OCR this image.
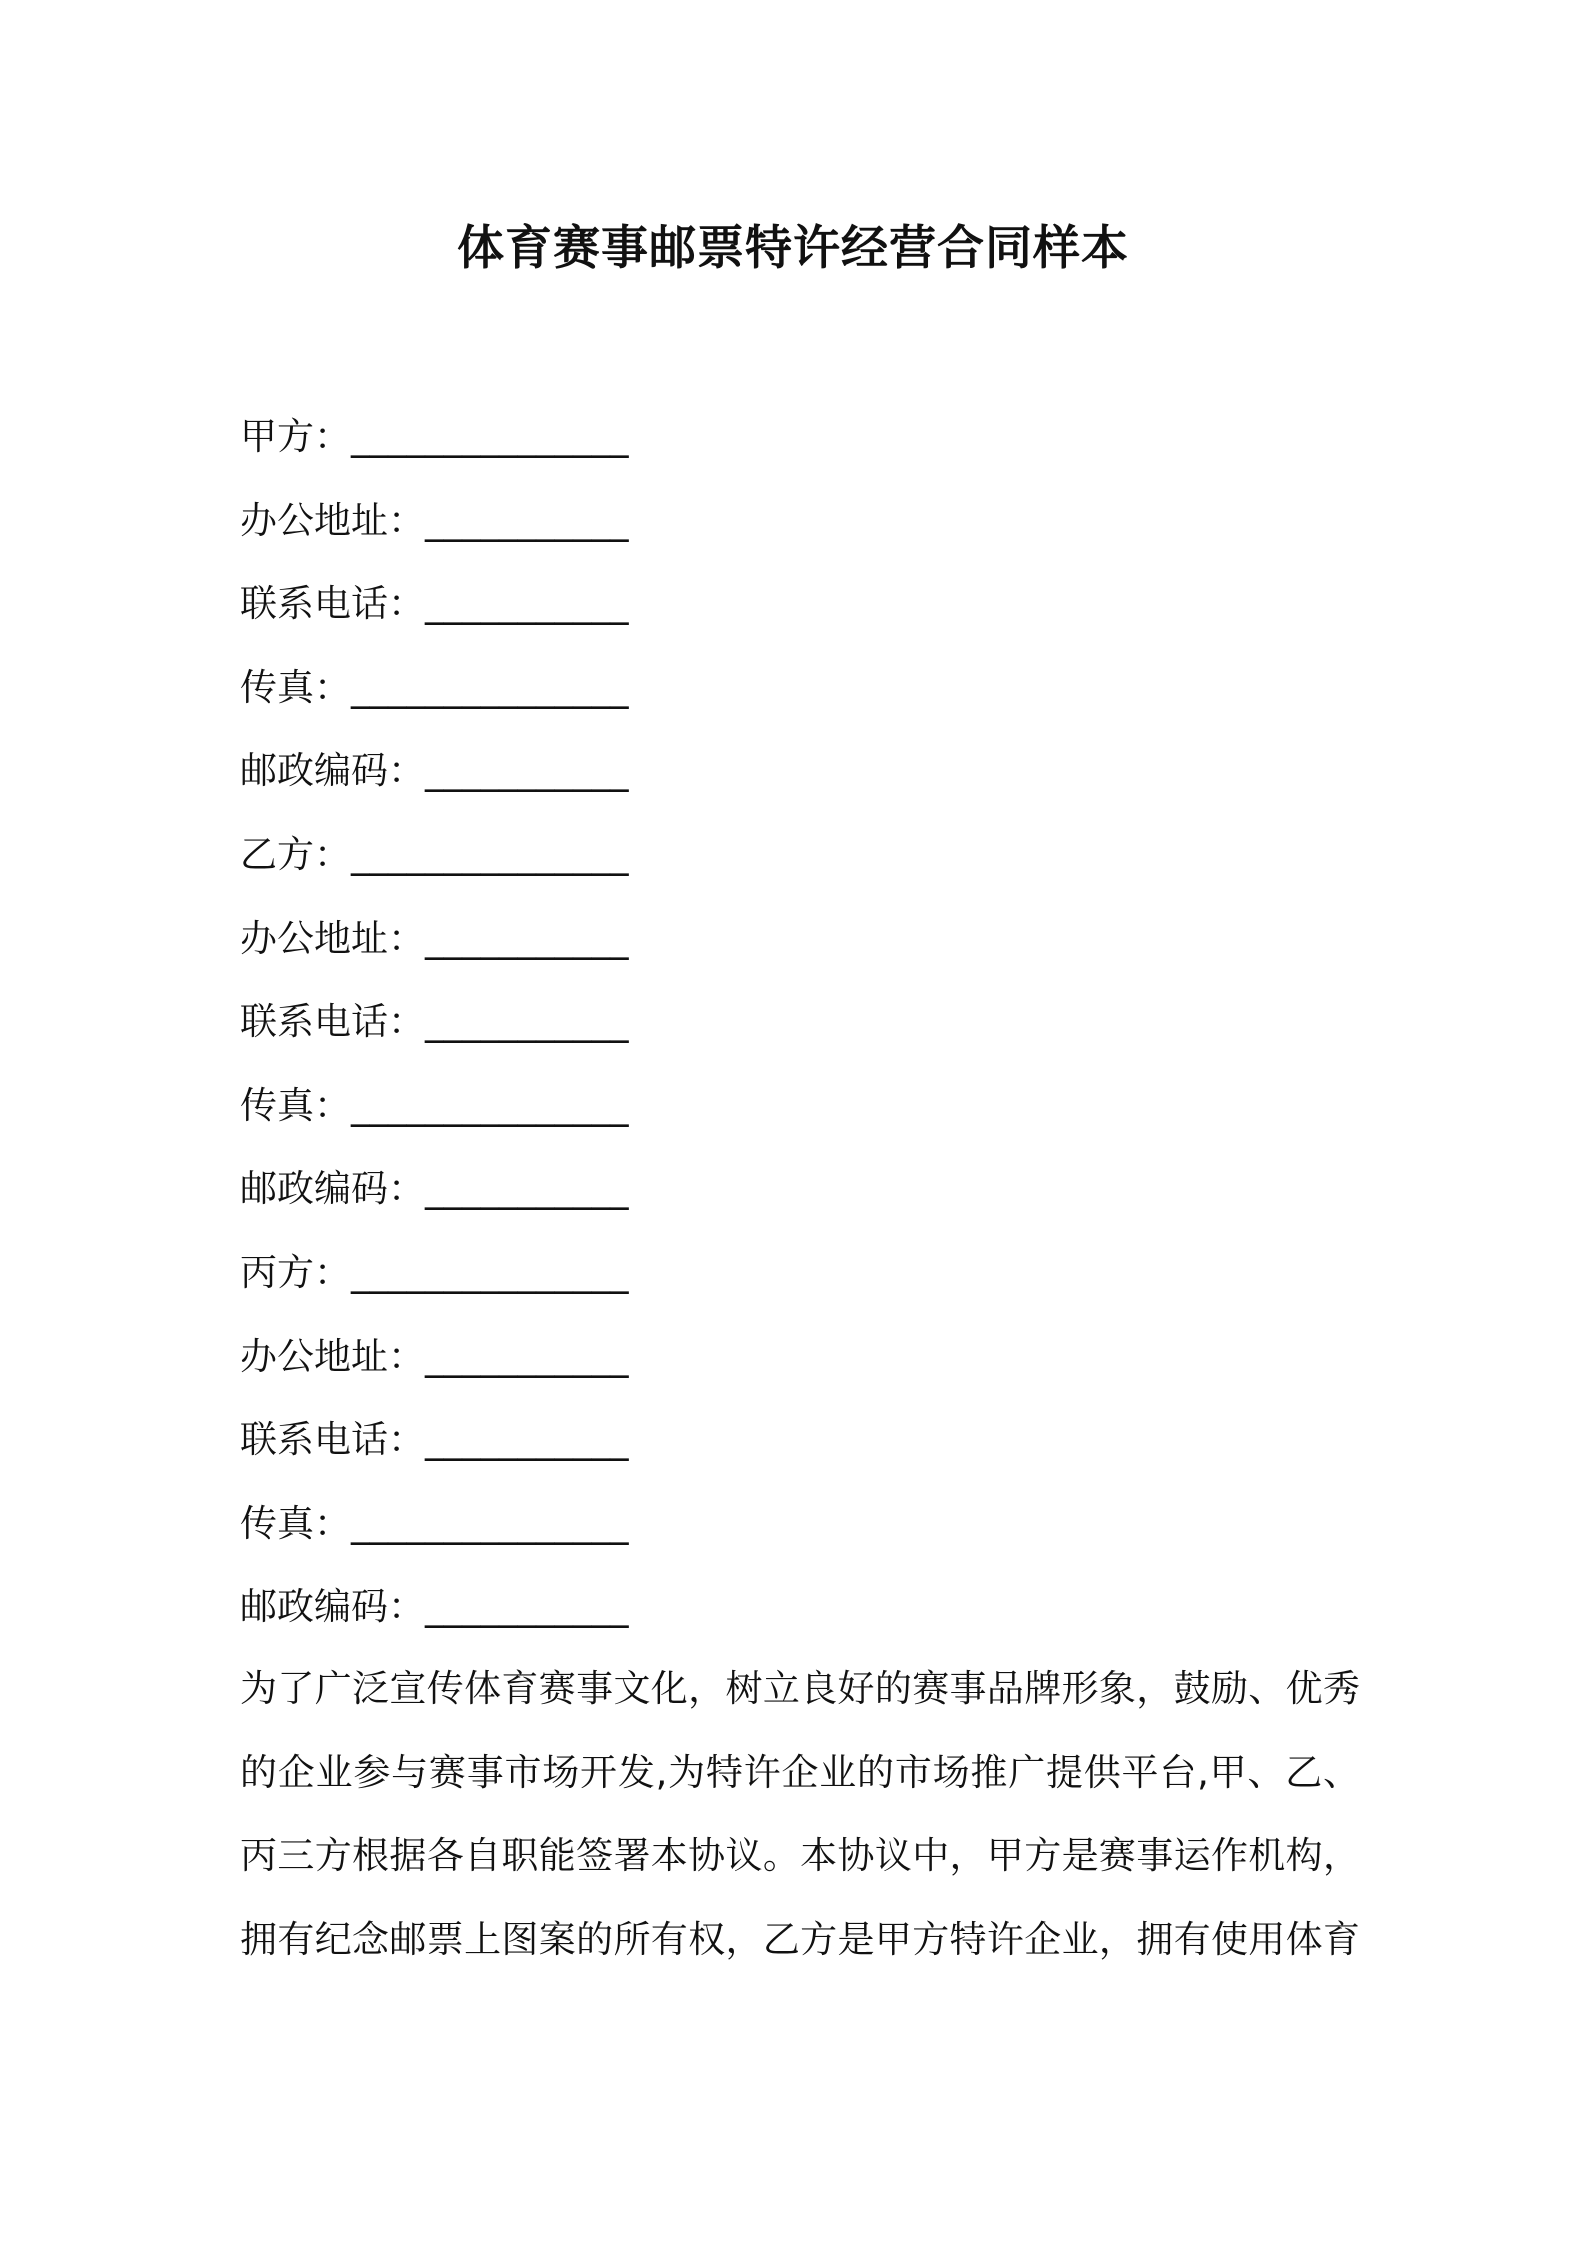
体育赛事邮票特许经营合同样本
甲方：_______________
办公地址：___________
联系电话：___________
传真：_______________
邮政编码：___________
乙方：_______________
办公地址：___________
联系电话：___________
传真：_______________
邮政编码：___________
丙方：_______________
办公地址：___________
联系电话：___________
传真：_______________
邮政编码：___________
为了广泛宣传体育赛事文化，树立良好的赛事品牌形象，鼓励、优秀
的企业参与赛事市场开发,为特许企业的市场推广提供平台,甲、乙、
丙三方根据各自职能签署本协议。本协议中，甲方是赛事运作机构，
拥有纪念邮票上图案的所有权，乙方是甲方特许企业，拥有使用体育
